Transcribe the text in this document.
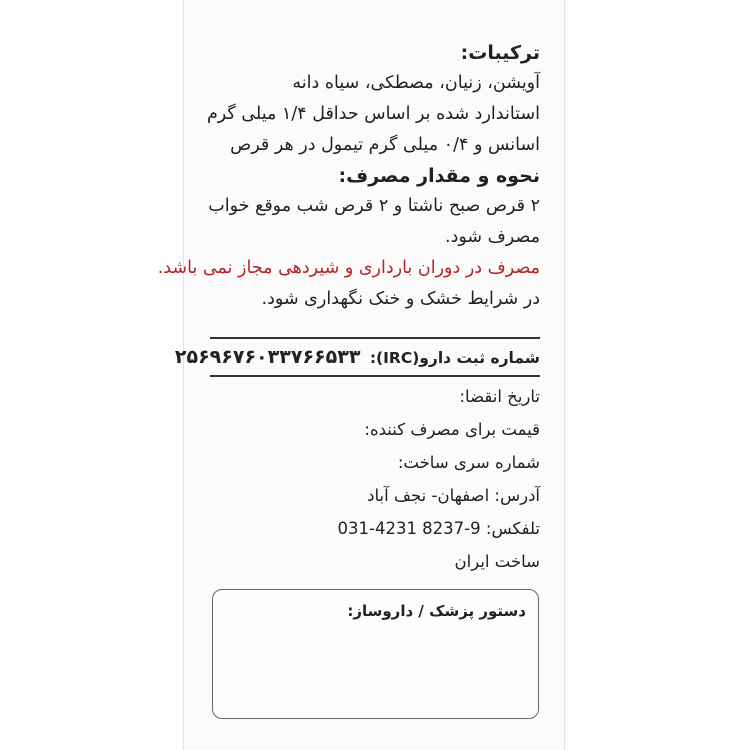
ترکیبات:

آویشن، زنیان، مصطکی، سیاه دانه

استاندارد شده بر اساس حداقل ۱/۴ میلی گرم

اسانس و ۰/۴ میلی گرم تیمول در هر قرص

نحوه و مقدار مصرف:

۲ قرص صبح ناشتا و ۲ قرص شب موقع خواب

مصرف شود.

مصرف در دوران بارداری و شیردهی مجاز نمی باشد.

در شرایط خشک و خنک نگهداری شود.

شماره ثبت دارو(IRC): ۲۵۶۹۶۷۶۰۳۳۷۶۶۵۳۳
تاریخ انقضا:
قیمت برای مصرف کننده:
شماره سری ساخت:
آدرس: اصفهان- نجف آباد
تلفکس: 031-4231 8237-9
ساخت ایران
دستور پزشک / داروساز:
